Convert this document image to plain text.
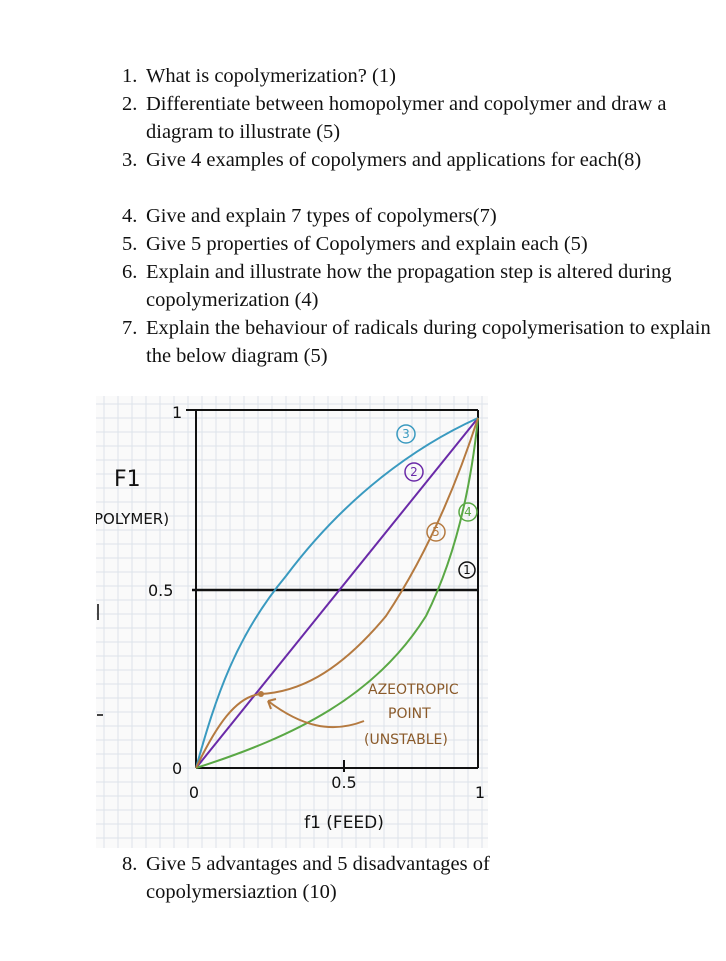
1. What is copolymerization? (1)
2. Differentiate between homopolymer and copolymer and draw a diagram to illustrate (5)
3. Give 4 examples of copolymers and applications for each(8)
4. Give and explain 7 types of copolymers(7)
5. Give 5 properties of Copolymers and explain each (5)
6. Explain and illustrate how the propagation step is altered during copolymerization (4)
7. Explain the behaviour of radicals during copolymerisation to explain the below diagram (5)
3
2
5
4
1
1
0.5
0
0
0.5
1
F1
POLYMER)
f1 (FEED)
AZEOTROPIC
POINT
(UNSTABLE)
8. Give 5 advantages and 5 disadvantages of copolymersiaztion (10)
